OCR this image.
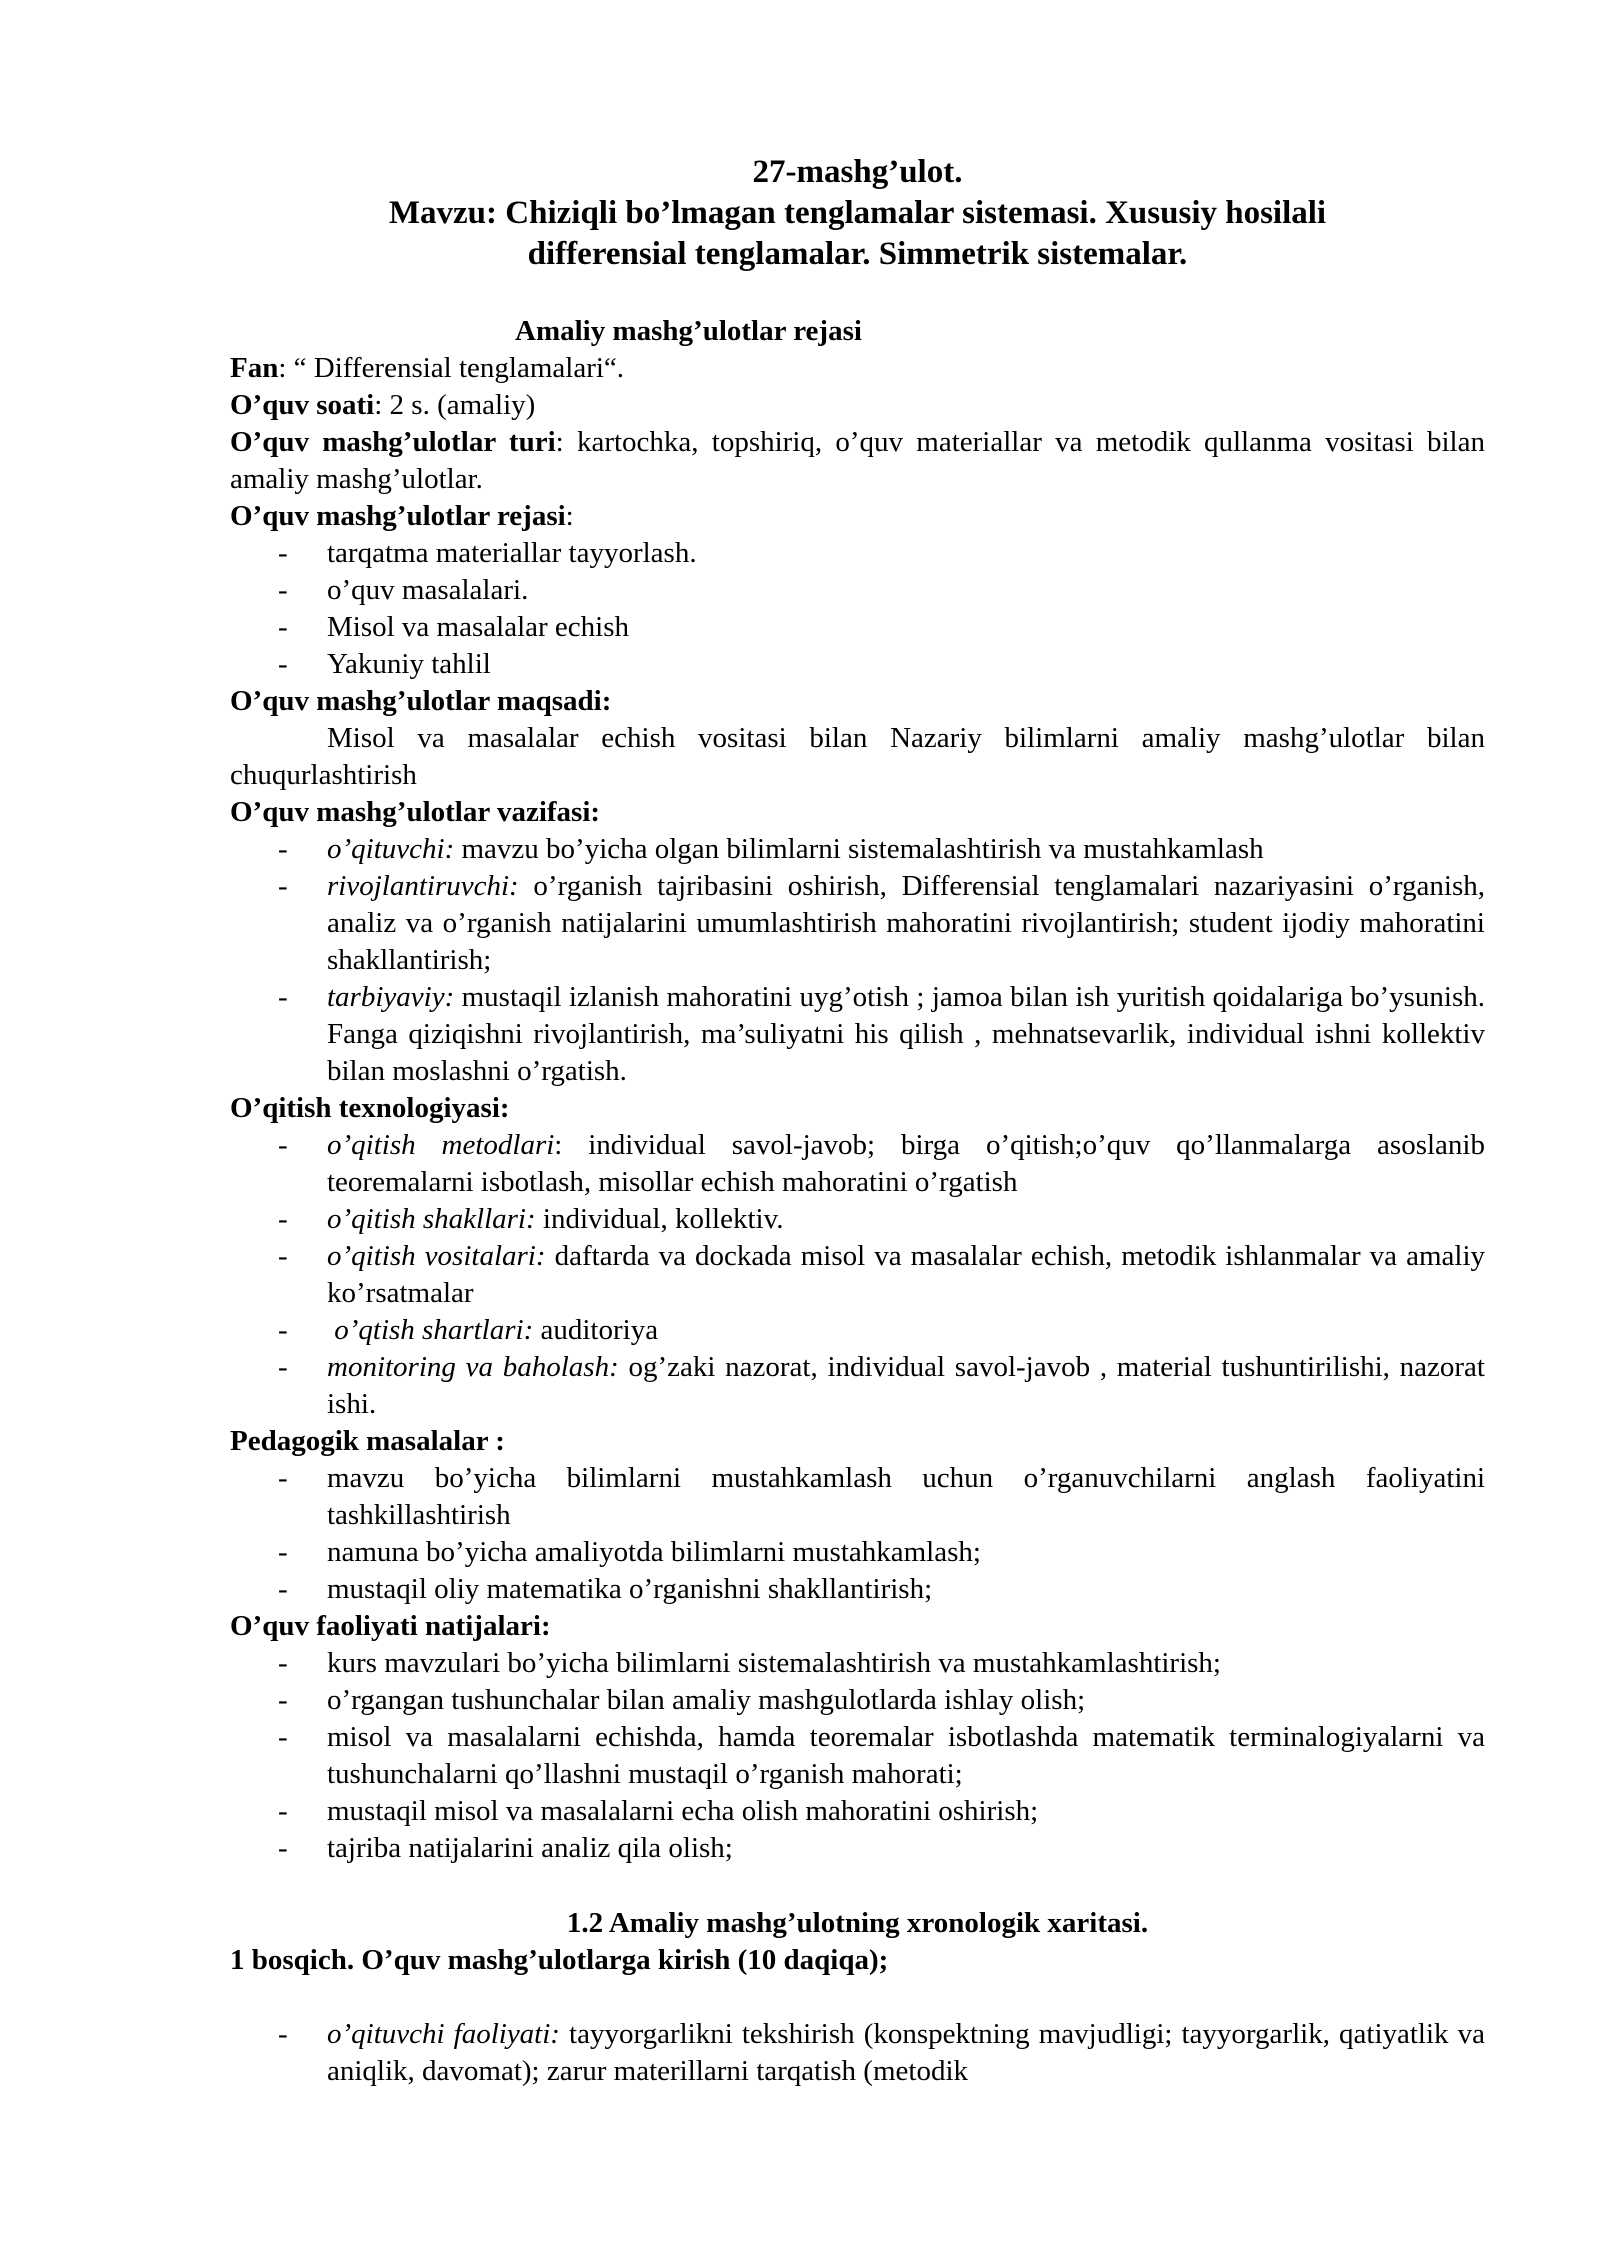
27-mashg’ulot.
Mavzu: Chiziqli bo’lmagan tenglamalar sistemasi. Xususiy hosilali
differensial tenglamalar. Simmetrik sistemalar.
Amaliy mashg’ulotlar rejasi

Fan: “ Differensial tenglamalari“.

O’quv soati: 2 s. (amaliy)

O’quv mashg’ulotlar turi: kartochka, topshiriq, o’quv materiallar va metodik qullanma vositasi bilan amaliy mashg’ulotlar.

O’quv mashg’ulotlar rejasi:

- tarqatma materiallar tayyorlash.
- o’quv masalalari.
- Misol va masalalar echish
- Yakuniy tahlil

O’quv mashg’ulotlar maqsadi:

Misol va masalalar echish vositasi bilan Nazariy bilimlarni amaliy mashg’ulotlar bilan chuqurlashtirish

O’quv mashg’ulotlar vazifasi:

- o’qituvchi: mavzu bo’yicha olgan bilimlarni sistemalashtirish va mustahkamlash
- rivojlantiruvchi: o’rganish tajribasini oshirish, Differensial tenglamalari nazariyasini o’rganish, analiz va o’rganish natijalarini umumlashtirish mahoratini rivojlantirish; student ijodiy mahoratini shakllantirish;
- tarbiyaviy: mustaqil izlanish mahoratini uyg’otish ; jamoa bilan ish yuritish qoidalariga bo’ysunish. Fanga qiziqishni rivojlantirish, ma’suliyatni his qilish , mehnatsevarlik, individual ishni kollektiv bilan moslashni o’rgatish.

O’qitish texnologiyasi:

- o’qitish metodlari: individual savol-javob; birga o’qitish;o’quv qo’llanmalarga asoslanib teoremalarni isbotlash, misollar echish mahoratini o’rgatish
- o’qitish shakllari: individual, kollektiv.
- o’qitish vositalari: daftarda va dockada misol va masalalar echish, metodik ishlanmalar va amaliy ko’rsatmalar
- o’qtish shartlari: auditoriya
- monitoring va baholash: og’zaki nazorat, individual savol-javob , material tushuntirilishi, nazorat ishi.

Pedagogik masalalar :

- mavzu bo’yicha bilimlarni mustahkamlash uchun o’rganuvchilarni anglash faoliyatini tashkillashtirish
- namuna bo’yicha amaliyotda bilimlarni mustahkamlash;
- mustaqil oliy matematika o’rganishni shakllantirish;

O’quv faoliyati natijalari:

- kurs mavzulari bo’yicha bilimlarni sistemalashtirish va mustahkamlashtirish;
- o’rgangan tushunchalar bilan amaliy mashgulotlarda ishlay olish;
- misol va masalalarni echishda, hamda teoremalar isbotlashda matematik terminalogiyalarni va tushunchalarni qo’llashni mustaqil o’rganish mahorati;
- mustaqil misol va masalalarni echa olish mahoratini oshirish;
- tajriba natijalarini analiz qila olish;
1.2 Amaliy mashg’ulotning xronologik xaritasi.
1 bosqich. O’quv mashg’ulotlarga kirish (10 daqiqa);
- o’qituvchi faoliyati: tayyorgarlikni tekshirish (konspektning mavjudligi; tayyorgarlik, qatiyatlik va aniqlik, davomat); zarur materillarni tarqatish (metodik
